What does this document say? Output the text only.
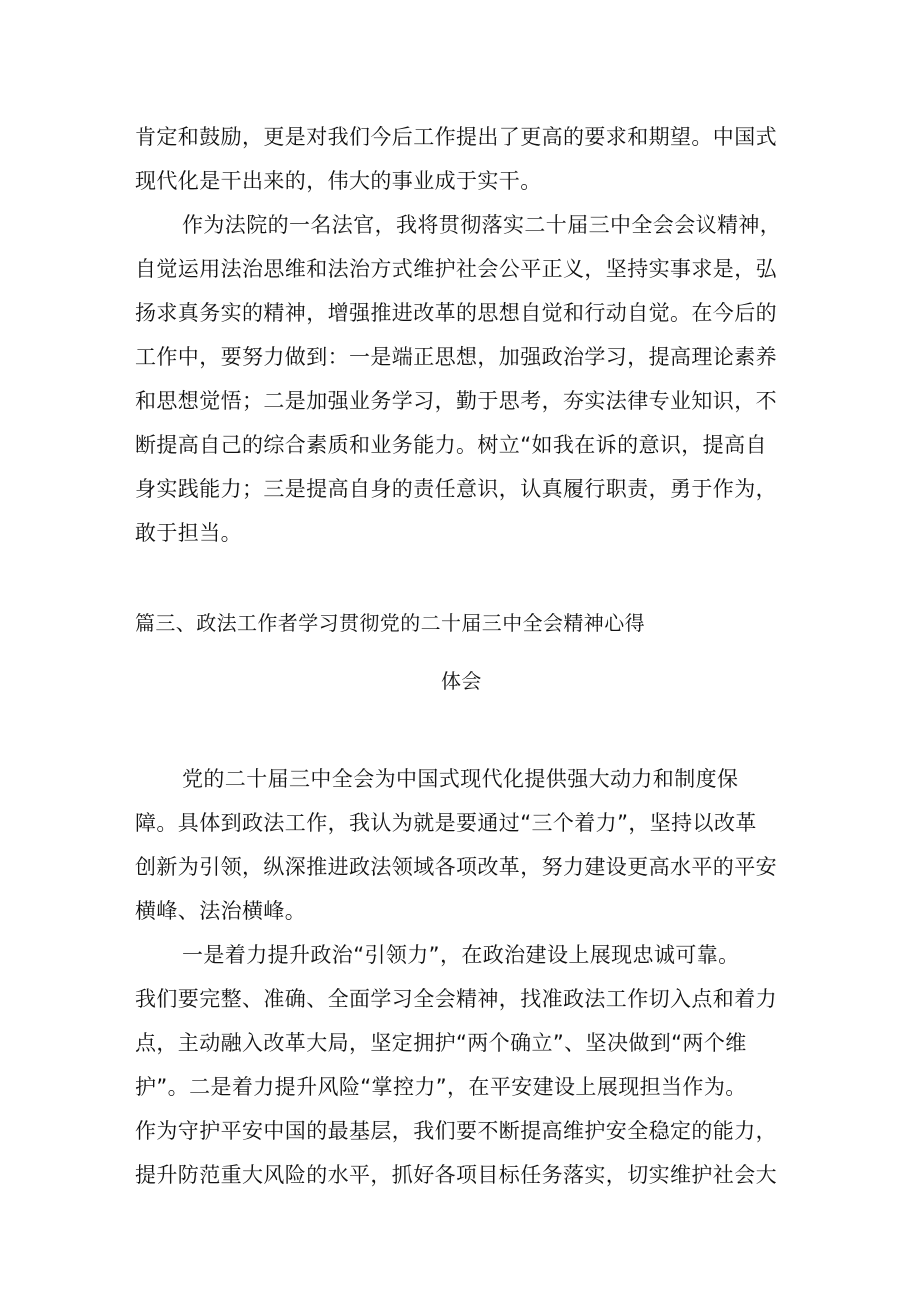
肯定和鼓励，更是对我们今后工作提出了更高的要求和期望。中国式
现代化是干出来的，伟大的事业成于实干。
作为法院的一名法官，我将贯彻落实二十届三中全会会议精神，
自觉运用法治思维和法治方式维护社会公平正义，坚持实事求是，弘
扬求真务实的精神，增强推进改革的思想自觉和行动自觉。在今后的
工作中，要努力做到：一是端正思想，加强政治学习，提高理论素养
和思想觉悟；二是加强业务学习，勤于思考，夯实法律专业知识，不
断提高自己的综合素质和业务能力。树立“如我在诉的意识，提高自
身实践能力；三是提高自身的责任意识，认真履行职责，勇于作为，
敢于担当。
篇三、政法工作者学习贯彻党的二十届三中全会精神心得
体会
党的二十届三中全会为中国式现代化提供强大动力和制度保
障。具体到政法工作，我认为就是要通过“三个着力”，坚持以改革
创新为引领，纵深推进政法领域各项改革，努力建设更高水平的平安
横峰、法治横峰。
一是着力提升政治“引领力”，在政治建设上展现忠诚可靠。
我们要完整、准确、全面学习全会精神，找准政法工作切入点和着力
点，主动融入改革大局，坚定拥护“两个确立”、坚决做到“两个维
护”。二是着力提升风险“掌控力”，在平安建设上展现担当作为。
作为守护平安中国的最基层，我们要不断提高维护安全稳定的能力，
提升防范重大风险的水平，抓好各项目标任务落实，切实维护社会大
